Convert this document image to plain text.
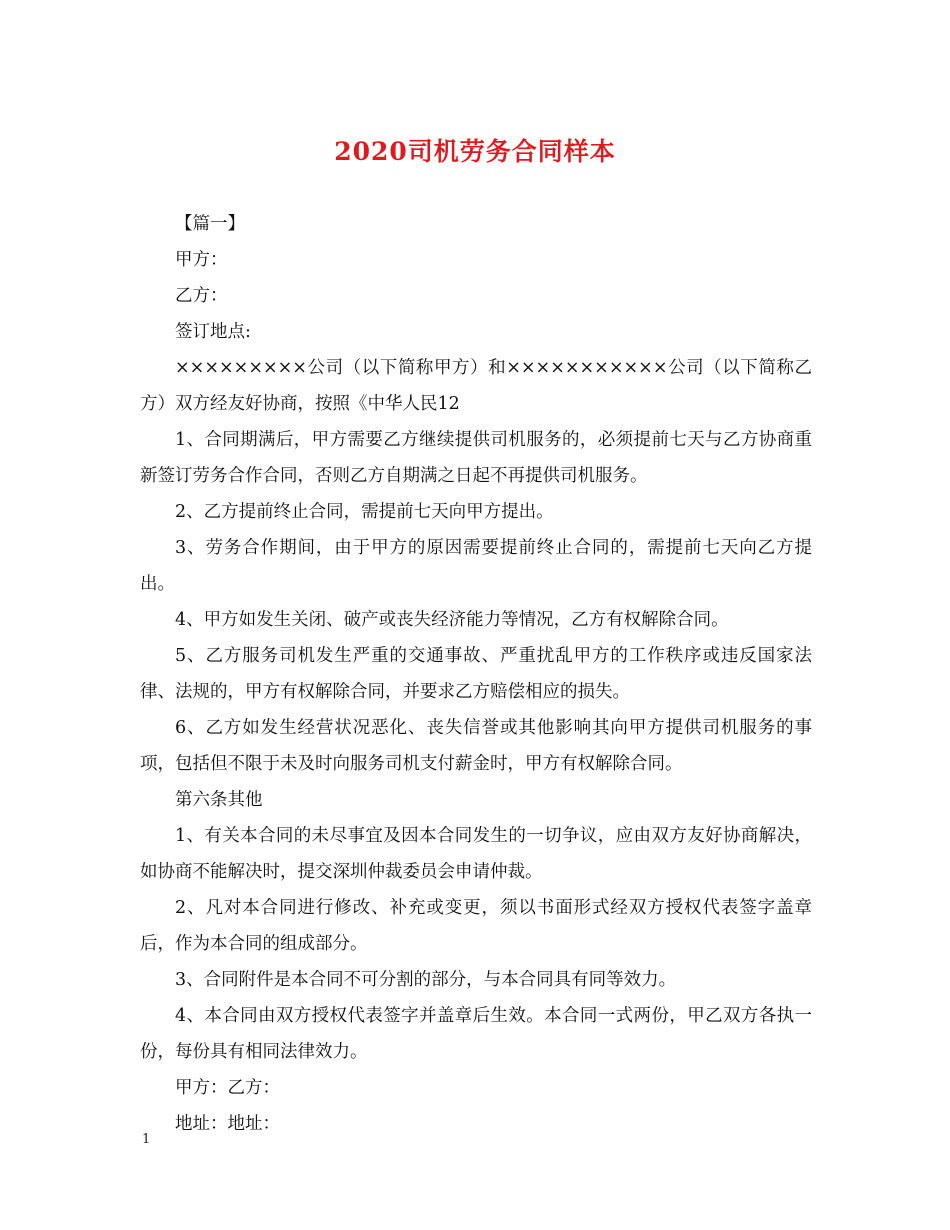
2020司机劳务合同样本

【篇一】

甲方：

乙方：

签订地点:

×××××××××公司（以下简称甲方）和×××××××××××公司（以下简称乙方）双方经友好协商，按照《中华人民12

1、合同期满后，甲方需要乙方继续提供司机服务的，必须提前七天与乙方协商重新签订劳务合作合同，否则乙方自期满之日起不再提供司机服务。

2、乙方提前终止合同，需提前七天向甲方提出。

3、劳务合作期间，由于甲方的原因需要提前终止合同的，需提前七天向乙方提出。

4、甲方如发生关闭、破产或丧失经济能力等情况，乙方有权解除合同。

5、乙方服务司机发生严重的交通事故、严重扰乱甲方的工作秩序或违反国家法律、法规的，甲方有权解除合同，并要求乙方赔偿相应的损失。

6、乙方如发生经营状况恶化、丧失信誉或其他影响其向甲方提供司机服务的事项，包括但不限于未及时向服务司机支付薪金时，甲方有权解除合同。

第六条其他

1、有关本合同的未尽事宜及因本合同发生的一切争议，应由双方友好协商解决，如协商不能解决时，提交深圳仲裁委员会申请仲裁。

2、凡对本合同进行修改、补充或变更，须以书面形式经双方授权代表签字盖章后，作为本合同的组成部分。

3、合同附件是本合同不可分割的部分，与本合同具有同等效力。

4、本合同由双方授权代表签字并盖章后生效。本合同一式两份，甲乙双方各执一份，每份具有相同法律效力。

甲方：乙方：

地址：地址：

1
